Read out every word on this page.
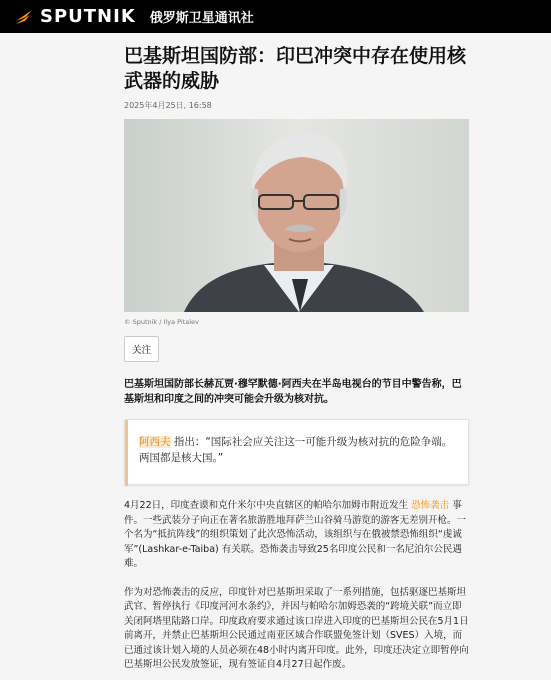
SPUTNIK 俄罗斯卫星通讯社
巴基斯坦国防部：印巴冲突中存在使用核武器的威胁
2025年4月25日, 16:58
© Sputnik / Ilya Pitalev
关注
巴基斯坦国防部长赫瓦贾·穆罕默德·阿西夫在半岛电视台的节目中警告称，巴基斯坦和印度之间的冲突可能会升级为核对抗。

阿西夫 指出：“国际社会应关注这一可能升级为核对抗的危险争端。两国都是核大国。”

4月22日，印度查谟和克什米尔中央直辖区的帕哈尔加姆市附近发生 恐怖袭击 事件。一些武装分子向正在著名旅游胜地拜萨兰山谷骑马游览的游客无差别开枪。一个名为“抵抗阵线”的组织策划了此次恐怖活动，该组织与在俄被禁恐怖组织“虔诚军”(Lashkar-e-Taiba) 有关联。恐怖袭击导致25名印度公民和一名尼泊尔公民遇难。
作为对恐怖袭击的反应，印度针对巴基斯坦采取了一系列措施，包括驱逐巴基斯坦武官、暂停执行《印度河河水条约》，并因与帕哈尔加姆恐袭的“跨境关联”而立即关闭阿塔里陆路口岸。印度政府要求通过该口岸进入印度的巴基斯坦公民在5月1日前离开，并禁止巴基斯坦公民通过南亚区域合作联盟免签计划（SVES）入境，而已通过该计划入境的人员必须在48小时内离开印度。此外，印度还决定立即暂停向巴基斯坦公民发放签证，现有签证自4月27日起作废。
